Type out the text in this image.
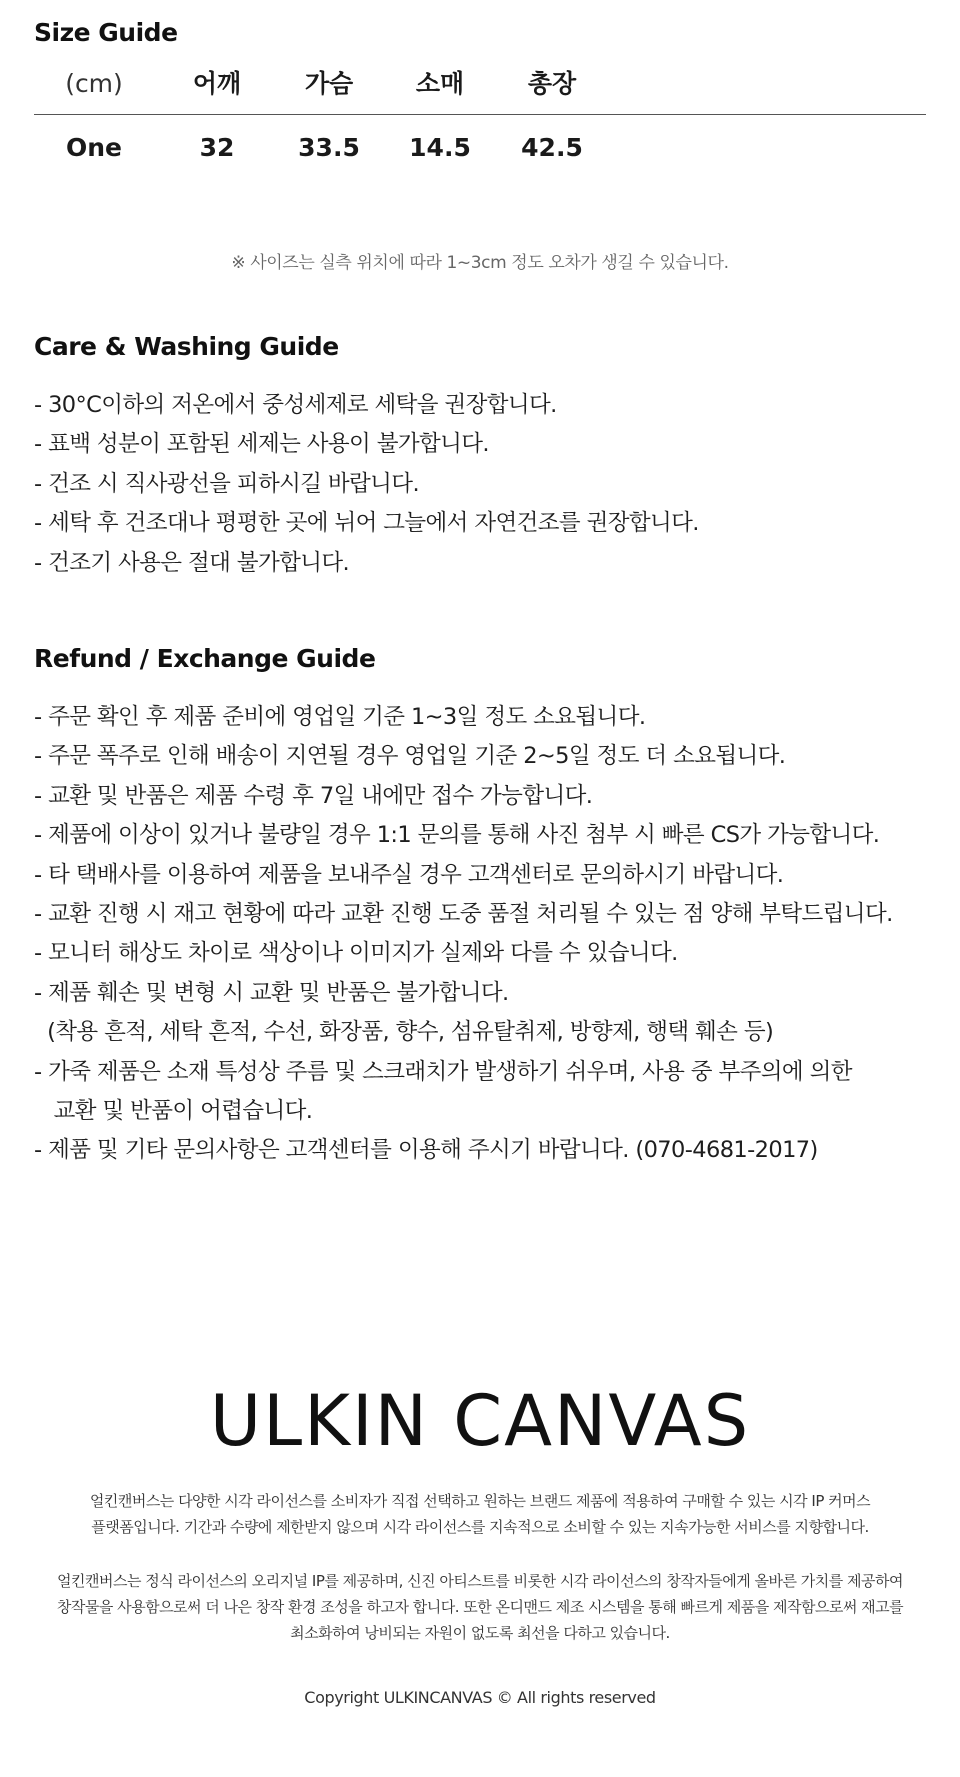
Size Guide
(cm)	어깨	가슴	소매	총장
One	32	33.5	14.5	42.5
※ 사이즈는 실측 위치에 따라 1~3cm 정도 오차가 생길 수 있습니다.
Care & Washing Guide
- 30°C이하의 저온에서 중성세제로 세탁을 권장합니다.
- 표백 성분이 포함된 세제는 사용이 불가합니다.
- 건조 시 직사광선을 피하시길 바랍니다.
- 세탁 후 건조대나 평평한 곳에 뉘어 그늘에서 자연건조를 권장합니다.
- 건조기 사용은 절대 불가합니다.
Refund / Exchange Guide
- 주문 확인 후 제품 준비에 영업일 기준 1~3일 정도 소요됩니다.
- 주문 폭주로 인해 배송이 지연될 경우 영업일 기준 2~5일 정도 더 소요됩니다.
- 교환 및 반품은 제품 수령 후 7일 내에만 접수 가능합니다.
- 제품에 이상이 있거나 불량일 경우 1:1 문의를 통해 사진 첨부 시 빠른 CS가 가능합니다.
- 타 택배사를 이용하여 제품을 보내주실 경우 고객센터로 문의하시기 바랍니다.
- 교환 진행 시 재고 현황에 따라 교환 진행 도중 품절 처리될 수 있는 점 양해 부탁드립니다.
- 모니터 해상도 차이로 색상이나 이미지가 실제와 다를 수 있습니다.
- 제품 훼손 및 변형 시 교환 및 반품은 불가합니다.
(착용 흔적, 세탁 흔적, 수선, 화장품, 향수, 섬유탈취제, 방향제, 행택 훼손 등)
- 가죽 제품은 소재 특성상 주름 및 스크래치가 발생하기 쉬우며, 사용 중 부주의에 의한
교환 및 반품이 어렵습니다.
- 제품 및 기타 문의사항은 고객센터를 이용해 주시기 바랍니다. (070-4681-2017)
ULKIN CANVAS

얼킨캔버스는 다양한 시각 라이선스를 소비자가 직접 선택하고 원하는 브랜드 제품에 적용하여 구매할 수 있는 시각 IP 커머스
플랫폼입니다. 기간과 수량에 제한받지 않으며 시각 라이선스를 지속적으로 소비할 수 있는 지속가능한 서비스를 지향합니다.

얼킨캔버스는 정식 라이선스의 오리지널 IP를 제공하며, 신진 아티스트를 비롯한 시각 라이선스의 창작자들에게 올바른 가치를 제공하여
창작물을 사용함으로써 더 나은 창작 환경 조성을 하고자 합니다. 또한 온디맨드 제조 시스템을 통해 빠르게 제품을 제작함으로써 재고를
최소화하여 낭비되는 자원이 없도록 최선을 다하고 있습니다.

Copyright ULKINCANVAS © All rights reserved
